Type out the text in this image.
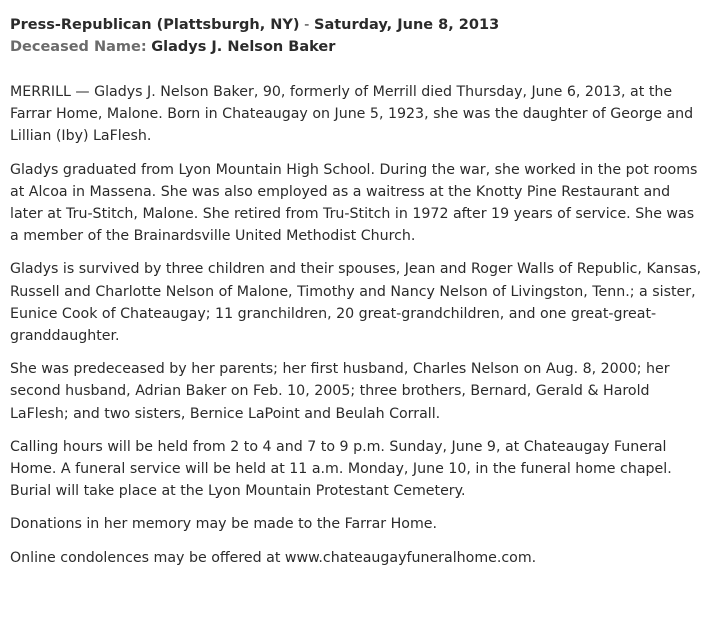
Press-Republican (Plattsburgh, NY) - Saturday, June 8, 2013
Deceased Name: Gladys J. Nelson Baker

MERRILL — Gladys J. Nelson Baker, 90, formerly of Merrill died Thursday, June 6, 2013, at the Farrar Home, Malone. Born in Chateaugay on June 5, 1923, she was the daughter of George and Lillian (Iby) LaFlesh.

Gladys graduated from Lyon Mountain High School. During the war, she worked in the pot rooms at Alcoa in Massena. She was also employed as a waitress at the Knotty Pine Restaurant and later at Tru-Stitch, Malone. She retired from Tru-Stitch in 1972 after 19 years of service. She was a member of the Brainardsville United Methodist Church.

Gladys is survived by three children and their spouses, Jean and Roger Walls of Republic, Kansas, Russell and Charlotte Nelson of Malone, Timothy and Nancy Nelson of Livingston, Tenn.; a sister, Eunice Cook of Chateaugay; 11 granchildren, 20 great-grandchildren, and one great-great-granddaughter.

She was predeceased by her parents; her first husband, Charles Nelson on Aug. 8, 2000; her second husband, Adrian Baker on Feb. 10, 2005; three brothers, Bernard, Gerald & Harold LaFlesh; and two sisters, Bernice LaPoint and Beulah Corrall.

Calling hours will be held from 2 to 4 and 7 to 9 p.m. Sunday, June 9, at Chateaugay Funeral Home. A funeral service will be held at 11 a.m. Monday, June 10, in the funeral home chapel. Burial will take place at the Lyon Mountain Protestant Cemetery.

Donations in her memory may be made to the Farrar Home.

Online condolences may be offered at www.chateaugayfuneralhome.com.
